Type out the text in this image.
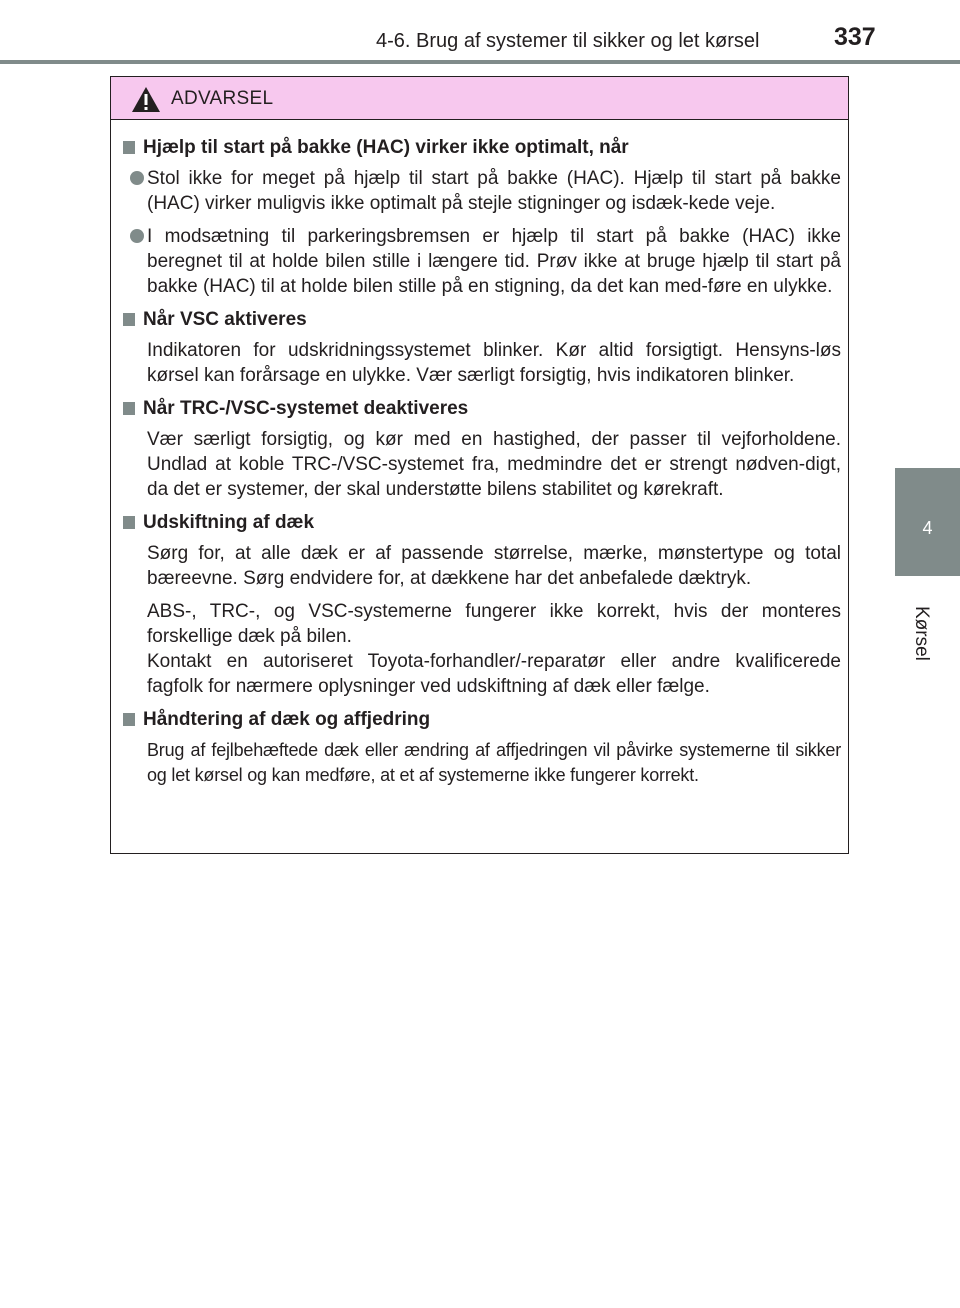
4-6. Brug af systemer til sikker og let kørsel	337
4
Kørsel
ADVARSEL
Hjælp til start på bakke (HAC) virker ikke optimalt, når
Stol ikke for meget på hjælp til start på bakke (HAC). Hjælp til start på bakke (HAC) virker muligvis ikke optimalt på stejle stigninger og isdæk-kede veje.
I modsætning til parkeringsbremsen er hjælp til start på bakke (HAC) ikke beregnet til at holde bilen stille i længere tid. Prøv ikke at bruge hjælp til start på bakke (HAC) til at holde bilen stille på en stigning, da det kan med-føre en ulykke.
Når VSC aktiveres
Indikatoren for udskridningssystemet blinker. Kør altid forsigtigt. Hensyns-løs kørsel kan forårsage en ulykke. Vær særligt forsigtig, hvis indikatoren blinker.
Når TRC-/VSC-systemet deaktiveres
Vær særligt forsigtig, og kør med en hastighed, der passer til vejforholdene. Undlad at koble TRC-/VSC-systemet fra, medmindre det er strengt nødven-digt, da det er systemer, der skal understøtte bilens stabilitet og kørekraft.
Udskiftning af dæk
Sørg for, at alle dæk er af passende størrelse, mærke, mønstertype og total bæreevne. Sørg endvidere for, at dækkene har det anbefalede dæktryk.
ABS-, TRC-, og VSC-systemerne fungerer ikke korrekt, hvis der monteres forskellige dæk på bilen.
Kontakt en autoriseret Toyota-forhandler/-reparatør eller andre kvalificerede fagfolk for nærmere oplysninger ved udskiftning af dæk eller fælge.
Håndtering af dæk og affjedring
Brug af fejlbehæftede dæk eller ændring af affjedringen vil påvirke systemerne til sikker og let kørsel og kan medføre, at et af systemerne ikke fungerer korrekt.
